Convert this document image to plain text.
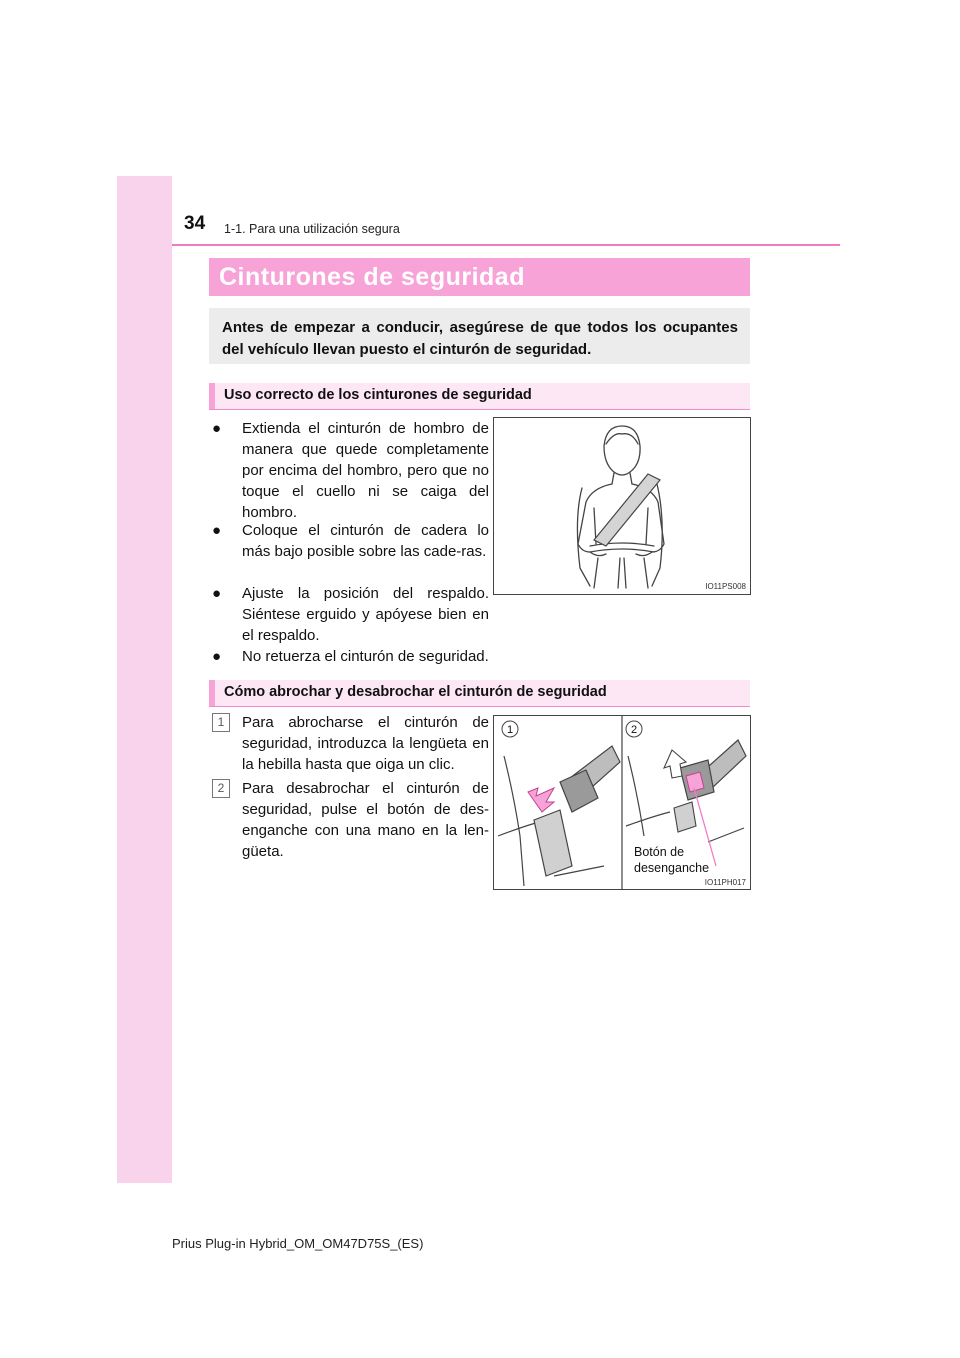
34 1-1. Para una utilización segura
Cinturones de seguridad
Antes de empezar a conducir, asegúrese de que todos los ocupantes del vehículo llevan puesto el cinturón de seguridad.
Uso correcto de los cinturones de seguridad
● Extienda el cinturón de hombro de manera que quede completamente por encima del hombro, pero que no toque el cuello ni se caiga del hombro.
● Coloque el cinturón de cadera lo más bajo posible sobre las cade-ras.
● Ajuste la posición del respaldo. Siéntese erguido y apóyese bien en el respaldo.
● No retuerza el cinturón de seguridad.
IO11PS008
Cómo abrochar y desabrochar el cinturón de seguridad
1	Para abrocharse el cinturón de seguridad, introduzca la lengüeta en la hebilla hasta que oiga un clic.
2	Para desabrochar el cinturón de seguridad, pulse el botón de des-enganche con una mano en la len-güeta.
1	2
IO11PH017
Botón de
desenganche
Prius Plug-in Hybrid_OM_OM47D75S_(ES)
